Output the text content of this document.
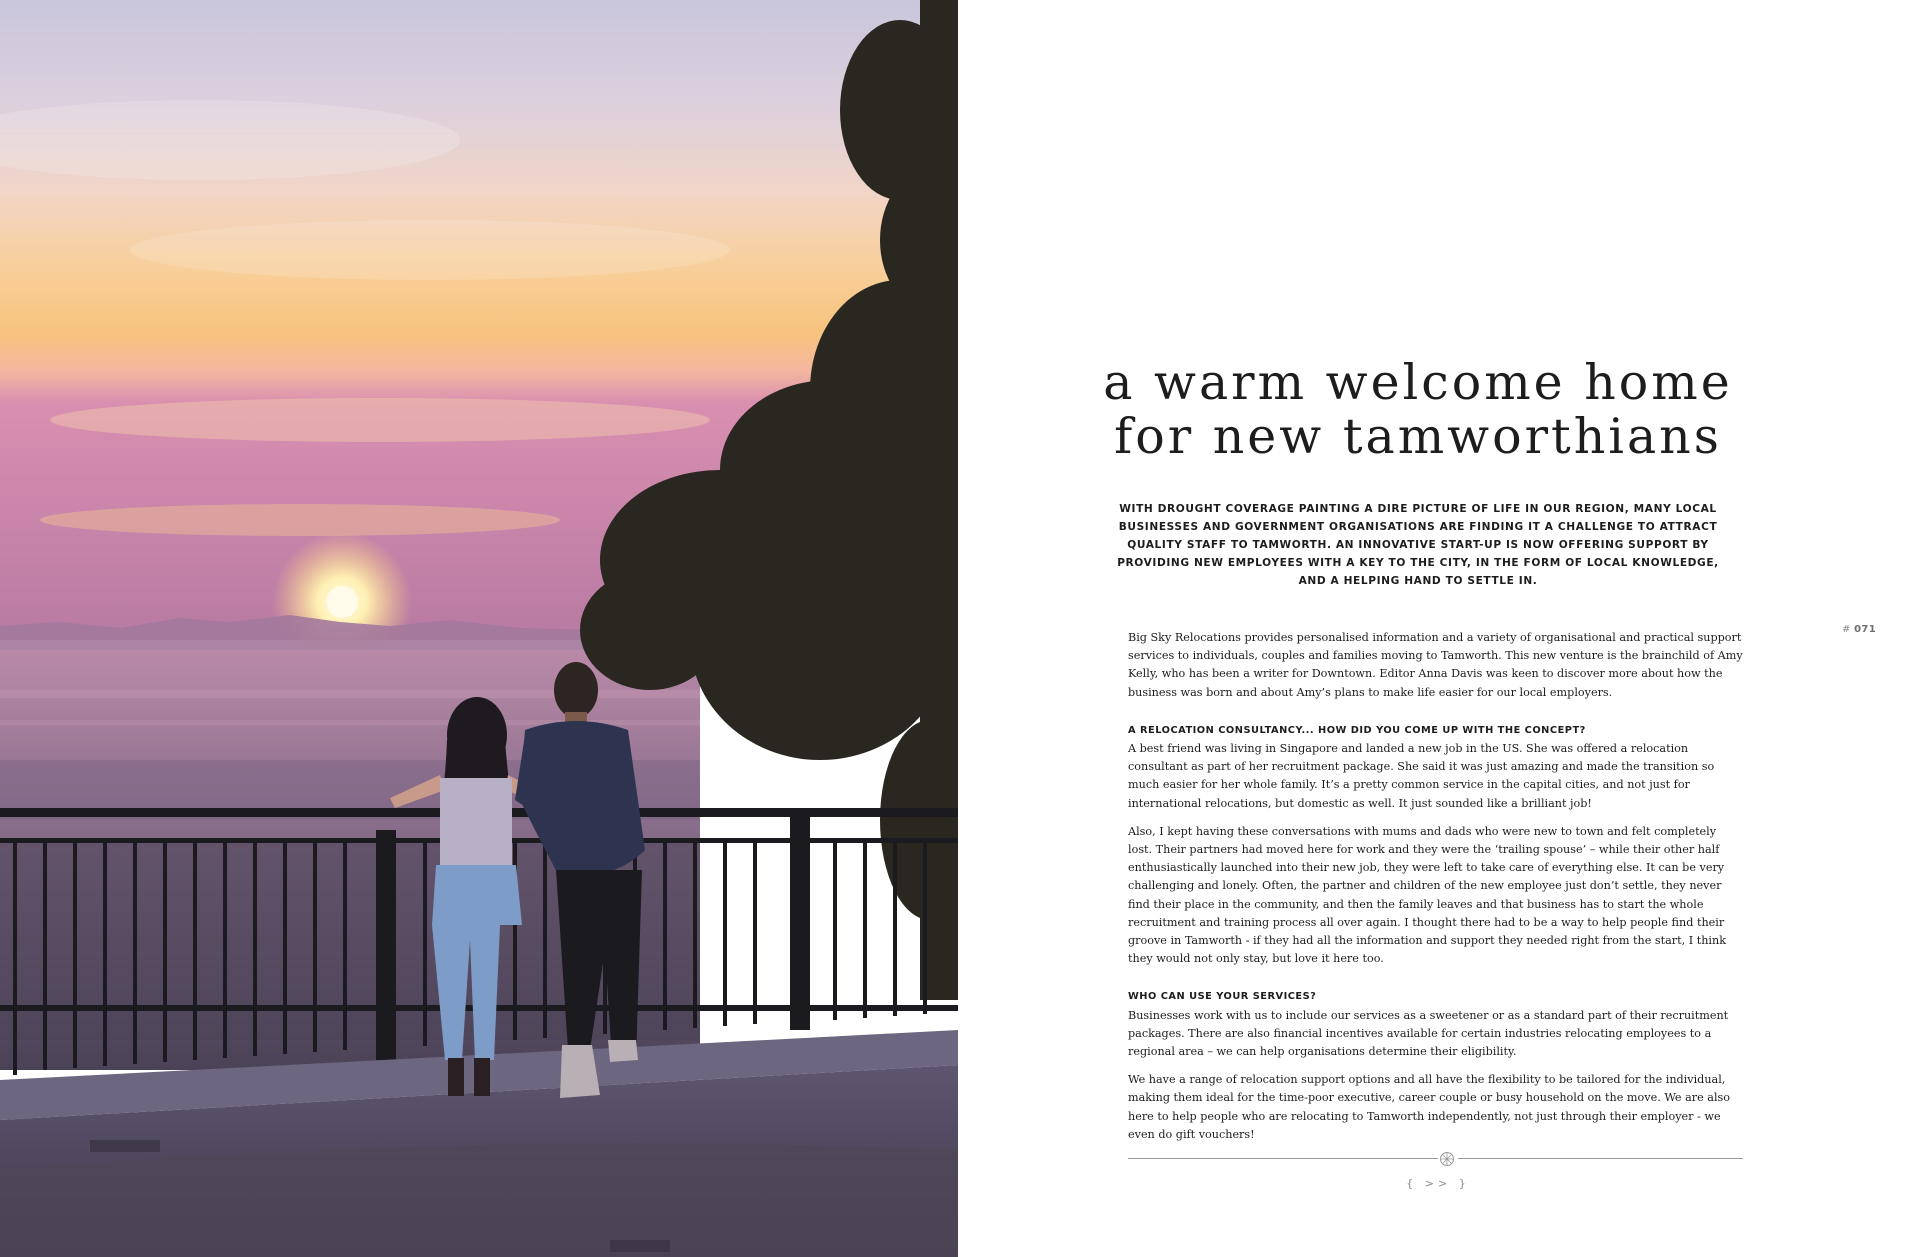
a warm welcome home
for new tamworthians

WITH DROUGHT COVERAGE PAINTING A DIRE PICTURE OF LIFE IN OUR REGION, MANY LOCAL BUSINESSES AND GOVERNMENT ORGANISATIONS ARE FINDING IT A CHALLENGE TO ATTRACT QUALITY STAFF TO TAMWORTH. AN INNOVATIVE START-UP IS NOW OFFERING SUPPORT BY PROVIDING NEW EMPLOYEES WITH A KEY TO THE CITY, IN THE FORM OF LOCAL KNOWLEDGE, AND A HELPING HAND TO SETTLE IN.

# 071

Big Sky Relocations provides personalised information and a variety of organisational and practical support services to individuals, couples and families moving to Tamworth. This new venture is the brainchild of Amy Kelly, who has been a writer for Downtown. Editor Anna Davis was keen to discover more about how the business was born and about Amy’s plans to make life easier for our local employers.

A RELOCATION CONSULTANCY... HOW DID YOU COME UP WITH THE CONCEPT?

A best friend was living in Singapore and landed a new job in the US. She was offered a relocation consultant as part of her recruitment package. She said it was just amazing and made the transition so much easier for her whole family. It’s a pretty common service in the capital cities, and not just for international relocations, but domestic as well. It just sounded like a brilliant job!

Also, I kept having these conversations with mums and dads who were new to town and felt completely lost. Their partners had moved here for work and they were the ‘trailing spouse’ – while their other half enthusiastically launched into their new job, they were left to take care of everything else. It can be very challenging and lonely. Often, the partner and children of the new employee just don’t settle, they never find their place in the community, and then the family leaves and that business has to start the whole recruitment and training process all over again. I thought there had to be a way to help people find their groove in Tamworth - if they had all the information and support they needed right from the start, I think they would not only stay, but love it here too.

WHO CAN USE YOUR SERVICES?

Businesses work with us to include our services as a sweetener or as a standard part of their recruitment packages. There are also financial incentives available for certain industries relocating employees to a regional area – we can help organisations determine their eligibility.

We have a range of relocation support options and all have the flexibility to be tailored for the individual, making them ideal for the time-poor executive, career couple or busy household on the move. We are also here to help people who are relocating to Tamworth independently, not just through their employer - we even do gift vouchers!

{ >> }
